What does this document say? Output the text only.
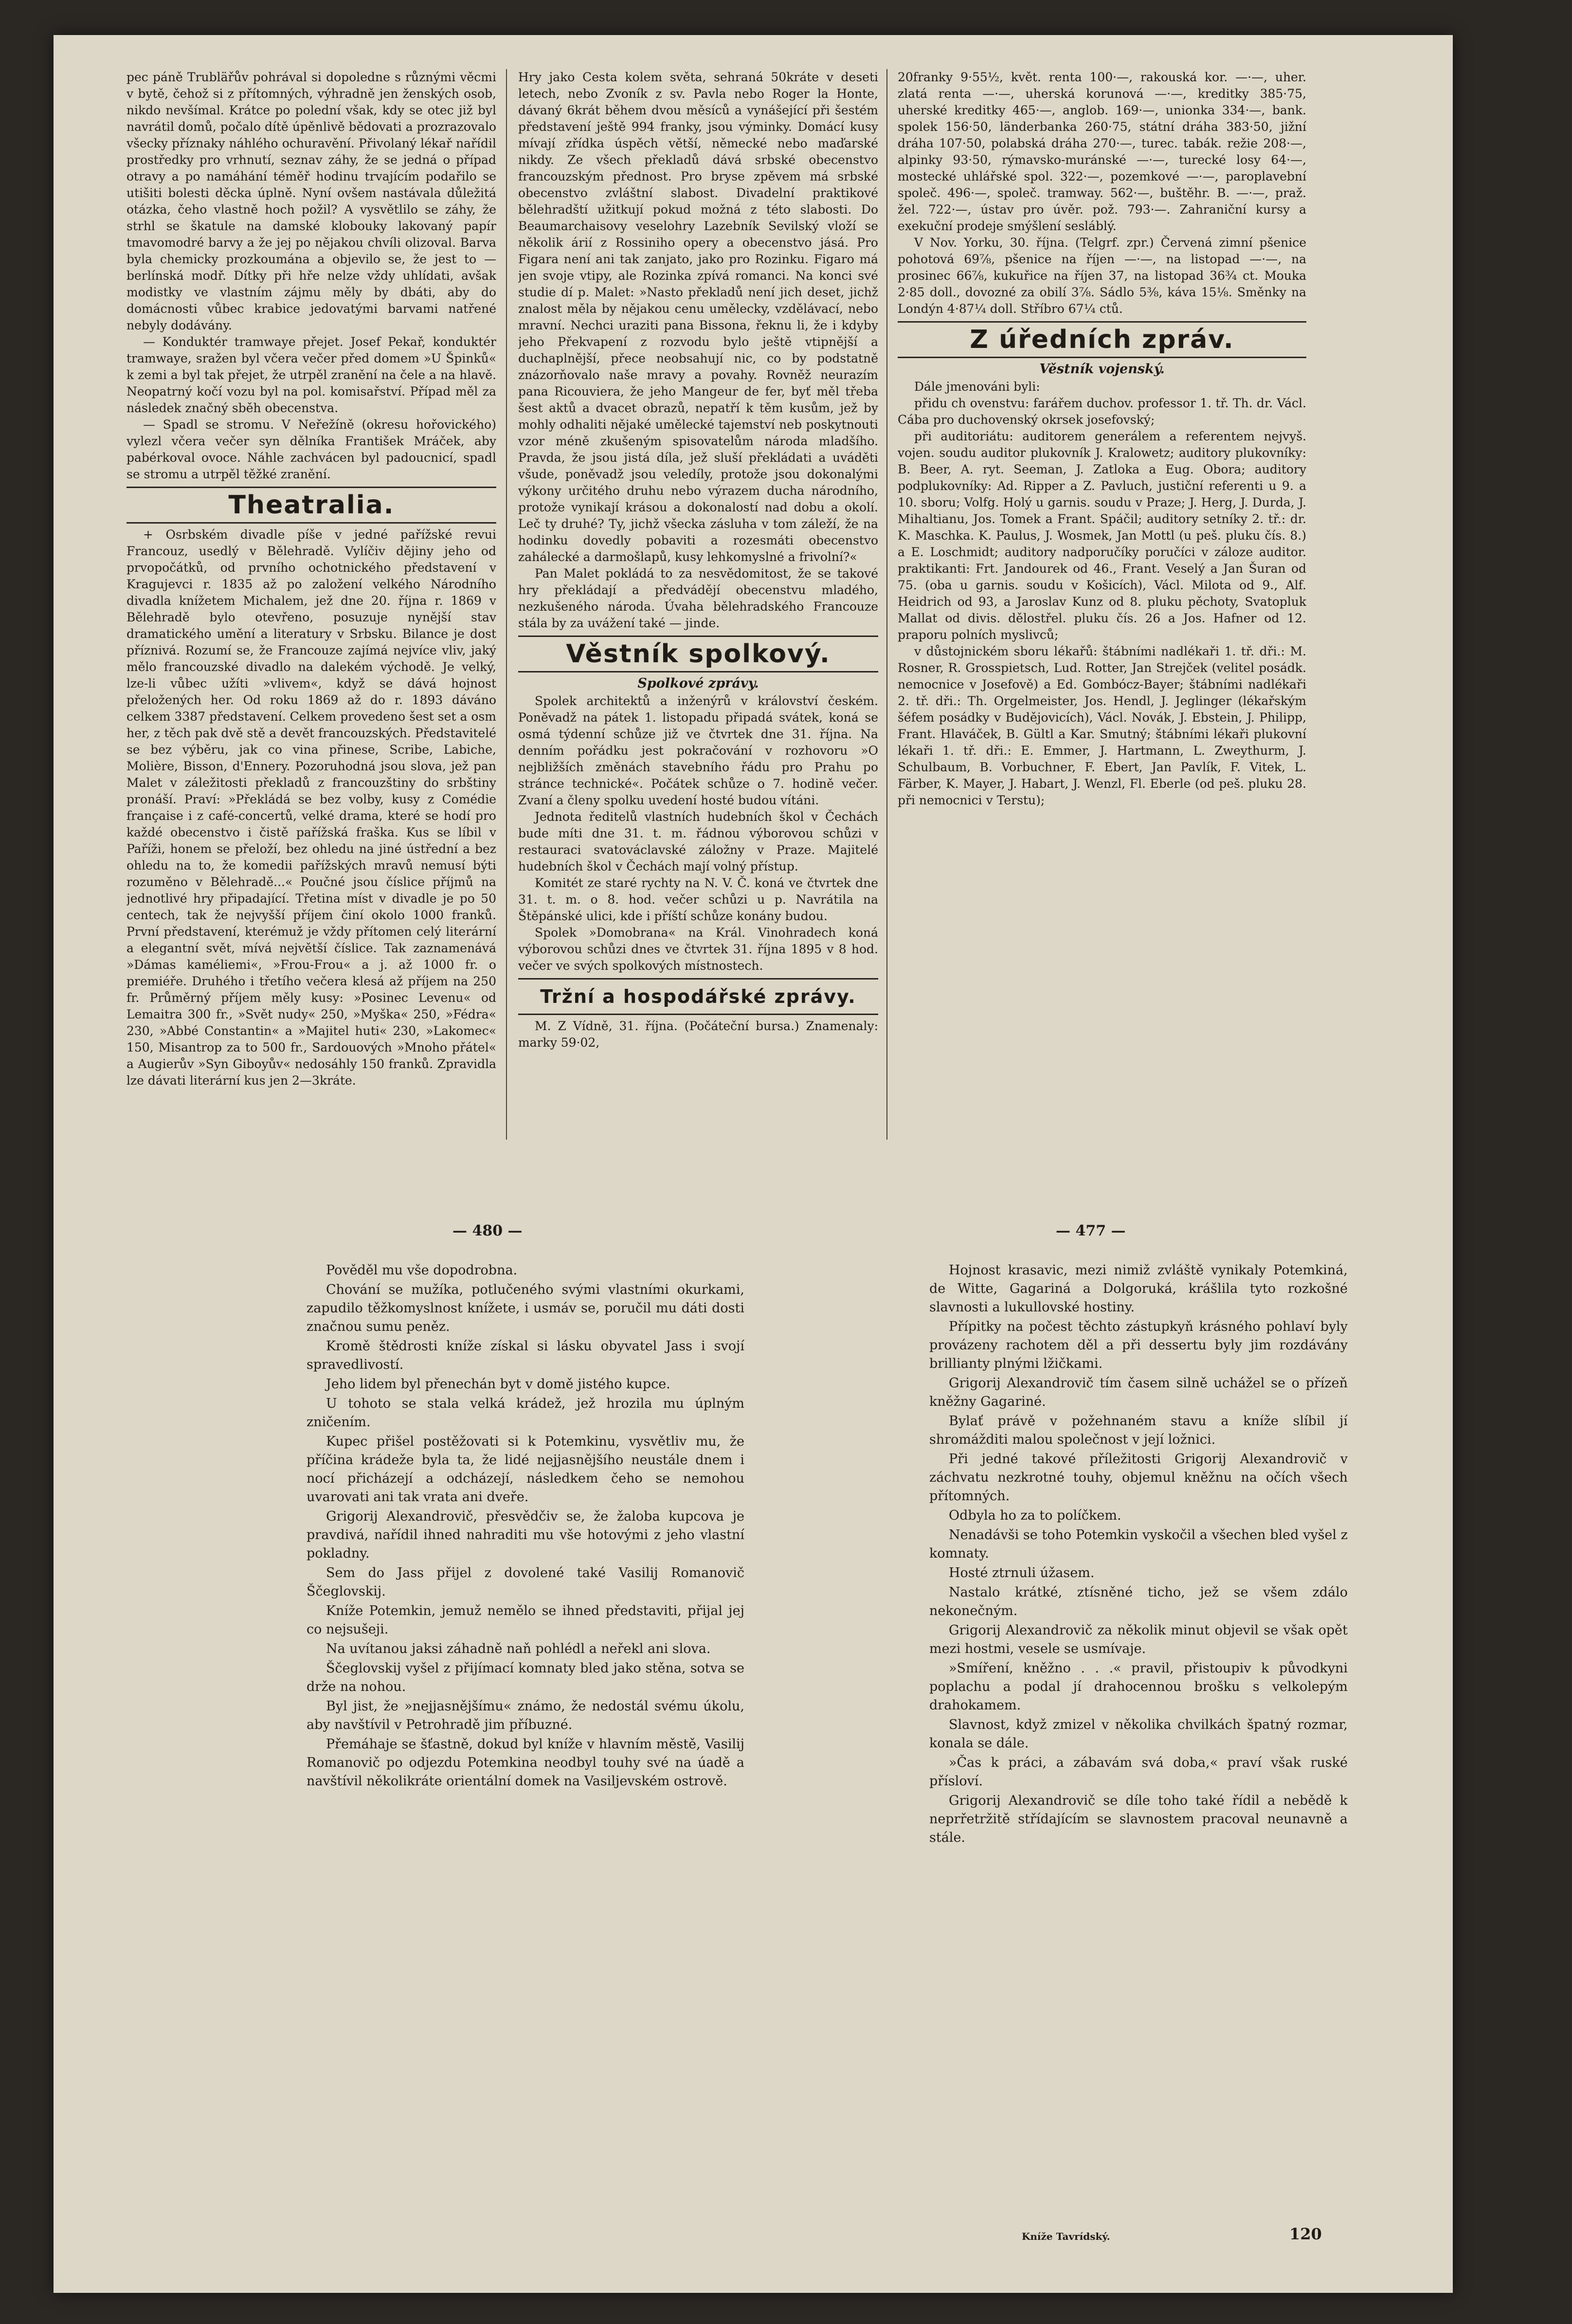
pec páně Trubläřův pohrával si dopoledne s různými věcmi v bytě, čehož si z přítomných, výhradně jen ženských osob, nikdo nevšímal. Krátce po polední však, kdy se otec již byl navrátil domů, počalo dítě úpěnlivě bědovati a prozrazovalo všecky příznaky náhlého ochuravění. Přivolaný lékař nařídil prostředky pro vrhnutí, seznav záhy, že se jedná o případ otravy a po namáhání téměř hodinu trvajícím podařilo se utišiti bolesti děcka úplně. Nyní ovšem nastávala důležitá otázka, čeho vlastně hoch požil? A vysvětlilo se záhy, že strhl se škatule na damské klobouky lakovaný papír tmavomodré barvy a že jej po nějakou chvíli olizoval. Barva byla chemicky prozkoumána a objevilo se, že jest to — berlínská modř. Dítky při hře nelze vždy uhlídati, avšak modistky ve vlastním zájmu měly by dbáti, aby do domácnosti vůbec krabice jedovatými barvami natřené nebyly dodávány.

— Konduktér tramwaye přejet. Josef Pekař, konduktér tramwaye, sražen byl včera večer před domem »U Špinků« k zemi a byl tak přejet, že utrpěl zranění na čele a na hlavě. Neopatrný kočí vozu byl na pol. komisařství. Případ měl za následek značný sběh obecenstva.

— Spadl se stromu. V Neřežíně (okresu hořovického) vylezl včera večer syn dělníka František Mráček, aby pabérkoval ovoce. Náhle zachvácen byl padoucnicí, spadl se stromu a utrpěl těžké zranění.

Theatralia.

+ Osrbském divadle píše v jedné pařížské revui Francouz, usedlý v Bělehradě. Vylíčiv dějiny jeho od prvopočátků, od prvního ochotnického představení v Kragujevci r. 1835 až po založení velkého Národního divadla knížetem Michalem, jež dne 20. října r. 1869 v Bělehradě bylo otevřeno, posuzuje nynější stav dramatického umění a literatury v Srbsku. Bilance je dost příznivá. Rozumí se, že Francouze zajímá nejvíce vliv, jaký mělo francouzské divadlo na dalekém východě. Je velký, lze-li vůbec užíti »vlivem«, když se dává hojnost přeložených her. Od roku 1869 až do r. 1893 dáváno celkem 3387 představení. Celkem provedeno šest set a osm her, z těch pak dvě stě a devět francouzských. Představitelé se bez výběru, jak co vina přinese, Scribe, Labiche, Molière, Bisson, d'Ennery. Pozoruhodná jsou slova, jež pan Malet v záležitosti překladů z francouzštiny do srbštiny pronáší. Praví: »Překládá se bez volby, kusy z Comédie française i z café-concertů, velké drama, které se hodí pro každé obecenstvo i čistě pařížská fraška. Kus se líbil v Paříži, honem se přeloží, bez ohledu na jiné ústřední a bez ohledu na to, že komedii pařížských mravů nemusí býti rozuměno v Bělehradě...« Poučné jsou číslice příjmů na jednotlivé hry připadající. Třetina míst v divadle je po 50 centech, tak že nejvyšší příjem činí okolo 1000 franků. První představení, kterémuž je vždy přítomen celý literární a elegantní svět, mívá největší číslice. Tak zaznamenává »Dámas kaméliemi«, »Frou-Frou« a j. až 1000 fr. o premiéře. Druhého i třetího večera klesá až příjem na 250 fr. Průměrný příjem měly kusy: »Posinec Levenu« od Lemaitra 300 fr., »Svět nudy« 250, »Myška« 250, »Fédra« 230, »Abbé Constantin« a »Majitel huti« 230, »Lakomec« 150, Misantrop za to 500 fr., Sardouových »Mnoho přátel« a Augierův »Syn Giboyův« nedosáhly 150 franků. Zpravidla lze dávati literární kus jen 2—3kráte.

Hry jako Cesta kolem světa, sehraná 50kráte v deseti letech, nebo Zvoník z sv. Pavla nebo Roger la Honte, dávaný 6krát během dvou měsíců a vynášející při šestém představení ještě 994 franky, jsou výminky. Domácí kusy mívají zřídka úspěch větší, německé nebo maďarské nikdy. Ze všech překladů dává srbské obecenstvo francouzským přednost. Pro bryse zpěvem má srbské obecenstvo zvláštní slabost. Divadelní praktikové bělehradští užitkují pokud možná z této slabosti. Do Beaumarchaisovy veselohry Lazebník Sevilský vloží se několik árií z Rossiniho opery a obecenstvo jásá. Pro Figara není ani tak zanjato, jako pro Rozinku. Figaro má jen svoje vtipy, ale Rozinka zpívá romanci. Na konci své studie dí p. Malet: »Nasto překladů není jich deset, jichž znalost měla by nějakou cenu umělecky, vzdělávací, nebo mravní. Nechci uraziti pana Bissona, řeknu li, že i kdyby jeho Překvapení z rozvodu bylo ještě vtipnější a duchaplnější, přece neobsahují nic, co by podstatně znázorňovalo naše mravy a povahy. Rovněž neurazím pana Ricouviera, že jeho Mangeur de fer, byť měl třeba šest aktů a dvacet obrazů, nepatří k těm kusům, jež by mohly odhaliti nějaké umělecké tajemství neb poskytnouti vzor méně zkušeným spisovatelům národa mladšího. Pravda, že jsou jistá díla, jež sluší překládati a uváděti všude, poněvadž jsou veledíly, protože jsou dokonalými výkony určitého druhu nebo výrazem ducha národního, protože vynikají krásou a dokonalostí nad dobu a okolí. Leč ty druhé? Ty, jichž všecka zásluha v tom záleží, že na hodinku dovedly pobaviti a rozesmáti obecenstvo zahálecké a darmošlapů, kusy lehkomyslné a frivolní?«

Pan Malet pokládá to za nesvědomitost, že se takové hry překládají a předvádějí obecenstvu mladého, nezkušeného národa. Úvaha bělehradského Francouze stála by za uvážení také — jinde.

Věstník spolkový.
Spolkové zprávy.

Spolek architektů a inženýrů v království českém. Poněvadž na pátek 1. listopadu připadá svátek, koná se osmá týdenní schůze již ve čtvrtek dne 31. října. Na denním pořádku jest pokračování v rozhovoru »O nejbližších změnách stavebního řádu pro Prahu po stránce technické«. Počátek schůze o 7. hodině večer. Zvaní a členy spolku uvedení hosté budou vítáni.

Jednota ředitelů vlastních hudebních škol v Čechách bude míti dne 31. t. m. řádnou výborovou schůzi v restauraci svatováclavské záložny v Praze. Majitelé hudebních škol v Čechách mají volný přístup.

Komitét ze staré rychty na N. V. Č. koná ve čtvrtek dne 31. t. m. o 8. hod. večer schůzi u p. Navrátila na Štěpánské ulici, kde i příští schůze konány budou.

Spolek »Domobrana« na Král. Vinohradech koná výborovou schůzi dnes ve čtvrtek 31. října 1895 v 8 hod. večer ve svých spolkových místnostech.

Tržní a hospodářské zprávy.

M. Z Vídně, 31. října. (Počáteční bursa.) Znamenaly: marky 59·02,

20franky 9·55½, květ. renta 100·—, rakouská kor. —·—, uher. zlatá renta —·—, uherská korunová —·—, kreditky 385·75, uherské kreditky 465·—, anglob. 169·—, unionka 334·—, bank. spolek 156·50, länderbanka 260·75, státní dráha 383·50, jižní dráha 107·50, polabská dráha 270·—, turec. tabák. režie 208·—, alpinky 93·50, rýmavsko-muránské —·—, turecké losy 64·—, mostecké uhlářské spol. 322·—, pozemkové —·—, paroplavební společ. 496·—, společ. tramway. 562·—, buštěhr. B. —·—, praž. žel. 722·—, ústav pro úvěr. pož. 793·—. Zahraniční kursy a exekuční prodeje smýšlení sesláblý.

V Nov. Yorku, 30. října. (Telgrf. zpr.) Červená zimní pšenice pohotová 69⅞, pšenice na říjen —·—, na listopad —·—, na prosinec 66⅞, kukuřice na říjen 37, na listopad 36¾ ct. Mouka 2·85 doll., dovozné za obilí 3⅞. Sádlo 5⅜, káva 15⅛. Směnky na Londýn 4·87¼ doll. Stříbro 67¼ ctů.

Z úředních zpráv.
Věstník vojenský.

Dále jmenováni byli:

přidu ch ovenstvu: farářem duchov. professor 1. tř. Th. dr. Václ. Cába pro duchovenský okrsek josefovský;

při auditoriátu: auditorem generálem a referentem nejvyš. vojen. soudu auditor plukovník J. Kralowetz; auditory plukovníky: B. Beer, A. ryt. Seeman, J. Zatloka a Eug. Obora; auditory podplukovníky: Ad. Ripper a Z. Pavluch, justiční referenti u 9. a 10. sboru; Volfg. Holý u garnis. soudu v Praze; J. Herg, J. Durda, J. Mihaltianu, Jos. Tomek a Frant. Spáčil; auditory setníky 2. tř.: dr. K. Maschka. K. Paulus, J. Wosmek, Jan Mottl (u peš. pluku čís. 8.) a E. Loschmidt; auditory nadporučíky poručíci v záloze auditor. praktikanti: Frt. Jandourek od 46., Frant. Veselý a Jan Šuran od 75. (oba u garnis. soudu v Košicích), Václ. Milota od 9., Alf. Heidrich od 93, a Jaroslav Kunz od 8. pluku pěchoty, Svatopluk Mallat od divis. dělostřel. pluku čís. 26 a Jos. Hafner od 12. praporu polních myslivců;

v důstojnickém sboru lékařů: štábními nadlékaři 1. tř. dři.: M. Rosner, R. Grosspietsch, Lud. Rotter, Jan Strejček (velitel posádk. nemocnice v Josefově) a Ed. Gombócz-Bayer; štábními nadlékaři 2. tř. dři.: Th. Orgelmeister, Jos. Hendl, J. Jeglinger (lékařským šéfem posádky v Budějovicích), Václ. Novák, J. Ebstein, J. Philipp, Frant. Hlaváček, B. Gültl a Kar. Smutný; štábními lékaři plukovní lékaři 1. tř. dři.: E. Emmer, J. Hartmann, L. Zweythurm, J. Schulbaum, B. Vorbuchner, F. Ebert, Jan Pavlík, F. Vitek, L. Färber, K. Mayer, J. Habart, J. Wenzl, Fl. Eberle (od peš. pluku 28. při nemocnici v Terstu);

— 480 —	— 477 —

Pověděl mu vše dopodrobna.

Chování se mužíka, potlučeného svými vlastními okurkami, zapudilo těžkomyslnost knížete, i usmáv se, poručil mu dáti dosti značnou sumu peněz.

Kromě štědrosti kníže získal si lásku obyvatel Jass i svojí spravedlivostí.

Jeho lidem byl přenechán byt v domě jistého kupce.

U tohoto se stala velká krádež, jež hrozila mu úplným zničením.

Kupec přišel postěžovati si k Potemkinu, vysvětliv mu, že příčina krádeže byla ta, že lidé nejjasnějšího neustále dnem i nocí přicházejí a odcházejí, následkem čeho se nemohou uvarovati ani tak vrata ani dveře.

Grigorij Alexandrovič, přesvědčiv se, že žaloba kupcova je pravdivá, nařídil ihned nahraditi mu vše hotovými z jeho vlastní pokladny.

Sem do Jass přijel z dovolené také Vasilij Romanovič Ščeglovskij.

Kníže Potemkin, jemuž nemělo se ihned představiti, přijal jej co nejsušeji.

Na uvítanou jaksi záhadně naň pohlédl a neřekl ani slova.

Ščeglovskij vyšel z přijímací komnaty bled jako stěna, sotva se drže na nohou.

Byl jist, že »nejjasnějšímu« známo, že nedostál svému úkolu, aby navštívil v Petrohradě jim příbuzné.

Přemáhaje se šťastně, dokud byl kníže v hlavním městě, Vasilij Romanovič po odjezdu Potemkina neodbyl touhy své na úadě a navštívil několikráte orientální domek na Vasiljevském ostrově.

Hojnost krasavic, mezi nimiž zvláště vynikaly Potemkiná, de Witte, Gagariná a Dolgoruká, krášlila tyto rozkošné slavnosti a lukullovské hostiny.

Přípitky na počest těchto zástupkyň krásného pohlaví byly provázeny rachotem děl a při dessertu byly jim rozdávány brillianty plnými lžičkami.

Grigorij Alexandrovič tím časem silně uchážel se o přízeň kněžny Gagariné.

Bylať právě v požehnaném stavu a kníže slíbil jí shromážditi malou společnost v její ložnici.

Při jedné takové příležitosti Grigorij Alexandrovič v záchvatu nezkrotné touhy, objemul kněžnu na očích všech přítomných.

Odbyla ho za to políčkem.

Nenadávši se toho Potemkin vyskočil a všechen bled vyšel z komnaty.

Hosté ztrnuli úžasem.

Nastalo krátké, ztísněné ticho, jež se všem zdálo nekonečným.

Grigorij Alexandrovič za několik minut objevil se však opět mezi hostmi, vesele se usmívaje.

»Smíření, kněžno . . .« pravil, přistoupiv k původkyni poplachu a podal jí drahocennou brošku s velkolepým drahokamem.

Slavnost, když zmizel v několika chvilkách špatný rozmar, konala se dále.

»Čas k práci, a zábavám svá doba,« praví však ruské přísloví.

Grigorij Alexandrovič se díle toho také řídil a nebědě k neprřetržitě střídajícím se slavnostem pracoval neunavně a stále.

Kníže Tavrídský.	120
